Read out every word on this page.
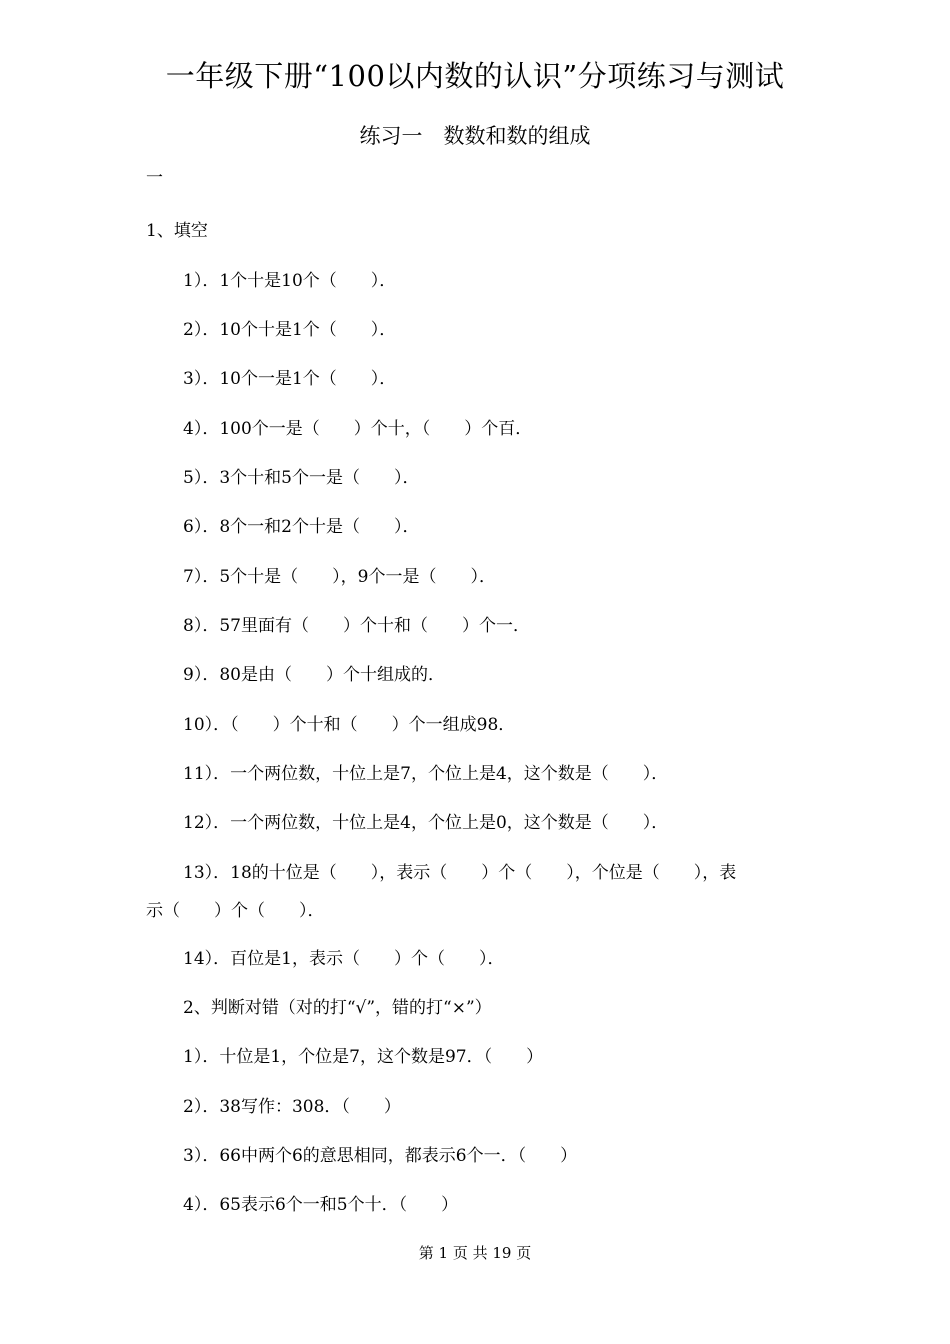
一年级下册“100以内数的认识”分项练习与测试
练习一　数数和数的组成
一
1、填空
1）．1个十是10个（　　）．
2）．10个十是1个（　　）．
3）．10个一是1个（　　）．
4）．100个一是（　　）个十，（　　）个百．
5）．3个十和5个一是（　　）．
6）．8个一和2个十是（　　）．
7）．5个十是（　　），9个一是（　　）．
8）．57里面有（　　）个十和（　　）个一．
9）．80是由（　　）个十组成的．
10）．（　　）个十和（　　）个一组成98．
11）．一个两位数，十位上是7，个位上是4，这个数是（　　）．
12）．一个两位数，十位上是4，个位上是0，这个数是（　　）．
13）．18的十位是（　　），表示（　　）个（　　），个位是（　　），表
示（　　）个（　　）．
14）．百位是1，表示（　　）个（　　）．
2、判断对错（对的打“√”，错的打“×”）
1）．十位是1，个位是7，这个数是97．（　　）
2）．38写作：308．（　　）
3）．66中两个6的意思相同，都表示6个一．（　　）
4）．65表示6个一和5个十．（　　）
第 1 页 共 19 页
